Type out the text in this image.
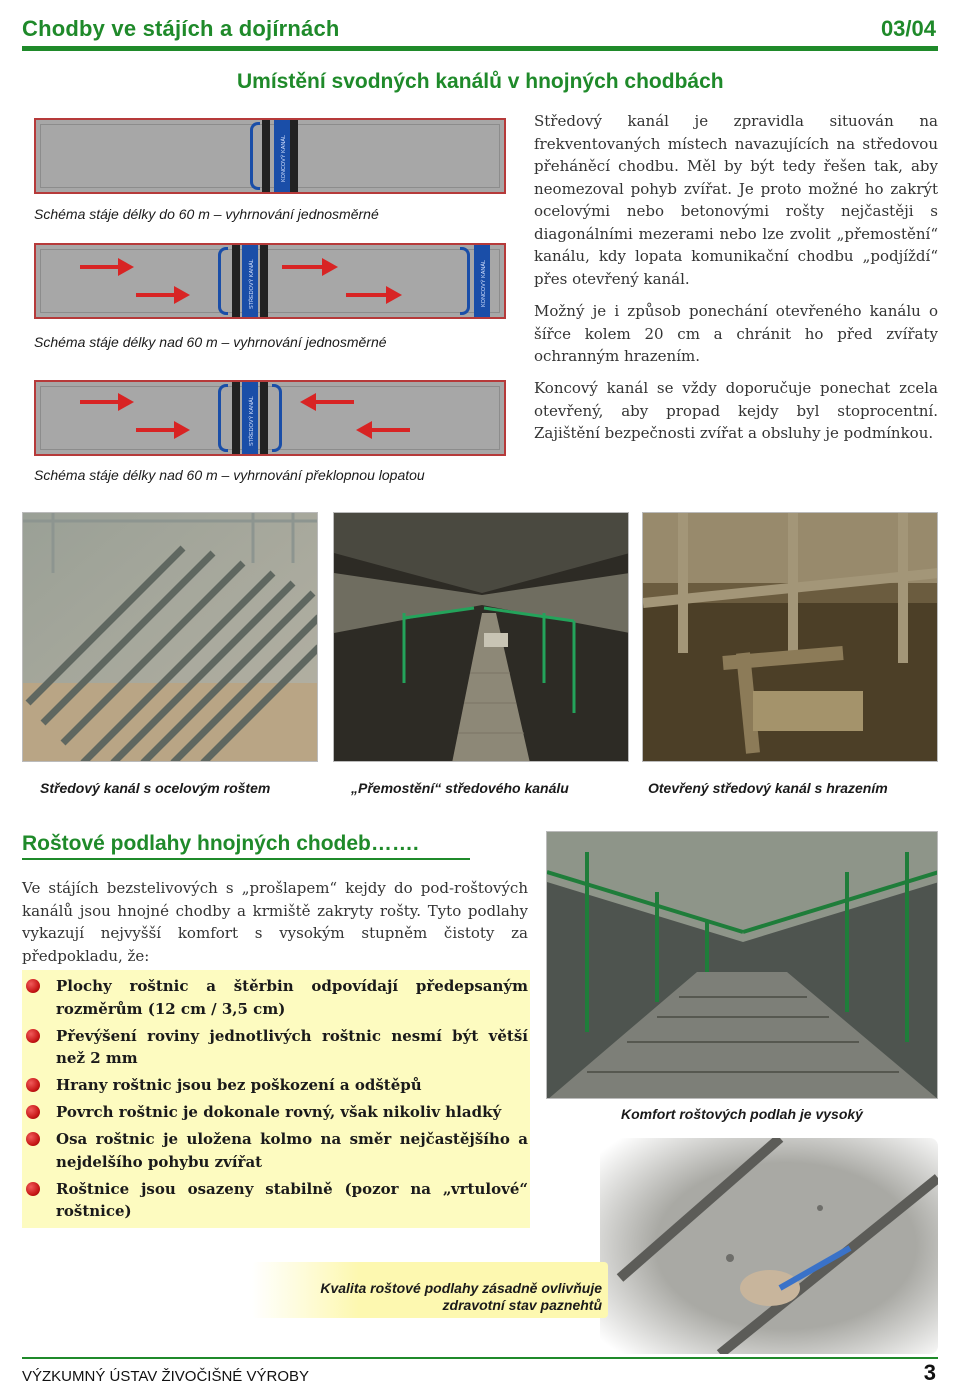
Chodby ve stájích a dojírnách	03/04
Umístění svodných kanálů v hnojných chodbách
KONCOVÝ KANÁL
Schéma stáje délky do 60 m – vyhrnování jednosměrné
STŘEDOVÝ KANÁL	KONCOVÝ KANÁL
Schéma stáje délky nad 60 m – vyhrnování jednosměrné
STŘEDOVÝ KANÁL
Schéma stáje délky nad 60 m – vyhrnování překlopnou lopatou
Středový kanál je zpravidla situován na frekventovaných místech navazujících na středovou přeháněcí chodbu. Měl by být tedy řešen tak, aby neomezoval pohyb zvířat. Je proto možné ho zakrýt ocelovými nebo betonovými rošty nejčastěji s diagonálními mezerami nebo lze zvolit „přemostění“ kanálu, kdy lopata komunikační chodbu „podjíždí“ přes otevřený kanál.
Možný je i způsob ponechání otevřeného kanálu o šířce kolem 20 cm a chránit ho před zvířaty ochranným hrazením.
Koncový kanál se vždy doporučuje ponechat zcela otevřený, aby propad kejdy byl stoprocentní. Zajištění bezpečnosti zvířat a obsluhy je podmínkou.
Středový kanál s ocelovým roštem	„Přemostění“ středového kanálu	Otevřený středový kanál s hrazením
Roštové podlahy hnojných chodeb…….
Ve stájích bezstelivových s „prošlapem“ kejdy do pod-roštových kanálů jsou hnojné chodby a krmiště zakryty rošty. Tyto podlahy vykazují nejvyšší komfort s vysokým stupněm čistoty za předpokladu, že:
Plochy roštnic a štěrbin odpovídají předepsaným rozměrům (12 cm / 3,5 cm)
Převýšení roviny jednotlivých roštnic nesmí být větší než 2 mm
Hrany roštnic jsou bez poškození a odštěpů
Povrch roštnic je dokonale rovný, však nikoliv hladký
Osa roštnic je uložena kolmo na směr nejčastějšího a nejdelšího pohybu zvířat
Roštnice jsou osazeny stabilně (pozor na „vrtulové“ roštnice)
Komfort roštových podlah je vysoký
Kvalita roštové podlahy zásadně ovlivňuje
zdravotní stav paznehtů
VÝZKUMNÝ ÚSTAV ŽIVOČIŠNÉ VÝROBY	3
